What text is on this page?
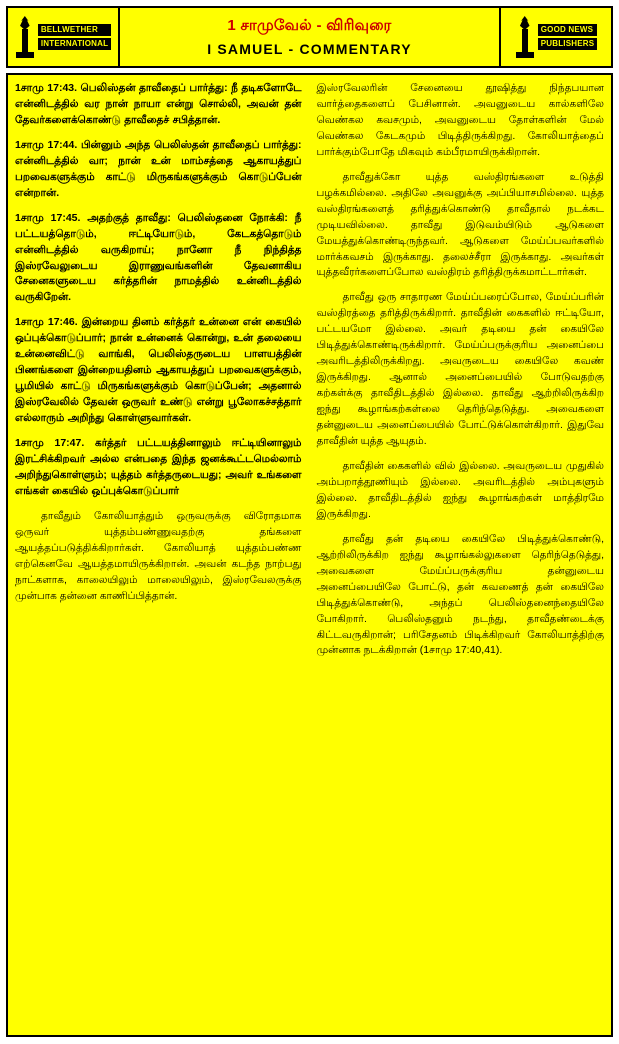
BELLWETHER
INTERNATIONAL
1 சாமுவேல் - விரிவுரை
I SAMUEL - COMMENTARY
GOOD NEWS
PUBLISHERS

1சாமு 17:43. பெலிஸ்தன் தாவீதைப் பார்த்து: நீ தடிகளோடே என்னிடத்தில் வர நான் நாயா என்று சொல்லி, அவன் தன் தேவர்களைக்கொண்டு தாவீதைச் சபித்தான்.

1சாமு 17:44. பின்னும் அந்த பெலிஸ்தன் தாவீதைப் பார்த்து: என்னிடத்தில் வா; நான் உன் மாம்சத்தை ஆகாயத்துப் பறவைகளுக்கும் காட்டு மிருகங்களுக்கும் கொடுப்பேன் என்றான்.

1சாமு 17:45. அதற்குத் தாவீது: பெலிஸ்தனை நோக்கி: நீ பட்டயத்தொடும், ஈட்டியோடும், கேடகத்தொடும் என்னிடத்தில் வருகிறாய்; நானோ நீ நிந்தித்த இஸ்ரவேலுடைய இராணுவங்களின் தேவனாகிய சேனைகளுடைய கர்த்தரின் நாமத்தில் உன்னிடத்தில் வருகிறேன்.

1சாமு 17:46. இன்றைய தினம் கர்த்தர் உன்னை என் கையில் ஒப்புக்கொடுப்பார்; நான் உன்னைக் கொன்று, உன் தலையை உன்னைவிட்டு வாங்கி, பெலிஸ்தருடைய பாளயத்தின் பிணங்களை இன்றையதினம் ஆகாயத்துப் பறவைகளுக்கும், பூமியில் காட்டு மிருகங்களுக்கும் கொடுப்பேன்; அதனால் இஸ்ரவேலில் தேவன் ஒருவர் உண்டு என்று பூலோகச்சத்தார் எல்லாரும் அறிந்து கொள்ளுவார்கள்.

1சாமு 17:47. கர்த்தர் பட்டயத்தினாலும் ஈட்டியினாலும் இரட்சிக்கிறவர் அல்ல என்பதை இந்த ஜனக்கூட்டமெல்லாம் அறிந்துகொள்ளும்; யுத்தம் கர்த்தருடையது; அவர் உங்களை எங்கள் கையில் ஒப்புக்கொடுப்பார்

தாவீதும் கோலியாத்தும் ஒருவருக்கு விரோதமாக ஒருவர் யுத்தம்பண்ணுவதற்கு தங்களை ஆயத்தப்படுத்திக்கிறார்கள். கோலியாத் யுத்தம்பண்ண எற்கெனவே ஆயத்தமாயிருக்கிறான். அவன் கடந்த நாற்பது நாட்களாக, காலையிலும் மாலையிலும், இஸ்ரவேலருக்கு முன்பாக தன்னை காணிப்பித்தான்.

இஸ்ரவேலரின் சேனையை தூஷித்து நிந்தபயான வார்த்தைகளைப் பேசினான். அவனுடைய கால்களிலே வெண்கல கவசமும், அவனுடைய தோள்களின் மேல் வெண்கல கேடகமும் பிடித்திருக்கிறது. கோலியாத்தைப் பார்க்கும்போதே மிகவும் கம்பீரமாயிருக்கிறான்.

தாவீதுக்கோ யுத்த வஸ்திரங்களை உடுத்தி பழக்கமில்லை. அதிலே அவனுக்கு அப்பியாசமில்லை. யுத்த வஸ்திரங்களைத் தரித்துக்கொண்டு தாவீதால் நடக்கட முடியவில்லை. தாவீது இடுவம்யிடும் ஆடுகளை மேயத்துக்கொண்டிருந்தவர். ஆடுகளை மேய்ப்பவர்களில் மார்க்கவசம் இருக்காது. தலைச்சீரா இருக்காது. அவர்கள் யுத்தவீரர்களைப்போல வஸ்திரம் தரித்திருக்கமாட்டார்கள்.

தாவீது ஒரு சாதாரண மேய்ப்பரைப்போல, மேய்ப்பரின் வஸ்திரத்தை தரித்திருக்கிறார். தாவீதின் கைகளில் ஈட்டியோ, பட்டயமோ இல்லை. அவர் தடியை தன் கையிலே பிடித்துக்கொண்டிருக்கிறார். மேய்ப்பருக்குரிய அனைப்பை அவரிடத்திலிருக்கிறது. அவருடைய கையிலே கவண் இருக்கிறது. ஆனால் அனைப்பையில் போடுவதற்கு கற்கள்க்கு தாவீதிடத்தில் இல்லை. தாவீது ஆற்றிலிருக்கிற ஐந்து கூழாங்கற்கள்லை தெரிந்தெடுத்து. அவைகளை தன்னுடைய அனைப்பையில் போட்டுக்கொள்கிறார். இதுவே தாவீதின் யுத்த ஆயுதம்.

தாவீதின் கைகளில் வில் இல்லை. அவருடைய முதுகில் அம்பறாத்தூணியும் இல்லை. அவரிடத்தில் அம்புகளும் இல்லை. தாவீதிடத்தில் ஐந்து கூழாங்கற்கள் மாத்திரமே இருக்கிறது.

தாவீது தன் தடியை கையிலே பிடித்துக்கொண்டு, ஆற்றிலிருக்கிற ஐந்து கூழாங்கல்லுகளை தெரிந்தெடுத்து, அவைகளை மேய்ப்பருக்குரிய தன்னுடைய அனைப்பையிலே போட்டு, தன் கவணைத் தன் கையிலே பிடித்துக்கொண்டு, அந்தப் பெலிஸ்தனைந்தையிலே போகிறார். பெலிஸ்தனும் நடந்து, தாவீதண்டைக்கு கிட்டவருகிறான்; பரிசேதனம் பிடிக்கிறவர் கோலியாத்திற்கு முன்னாக நடக்கிறான் (1சாமு 17:40,41).
